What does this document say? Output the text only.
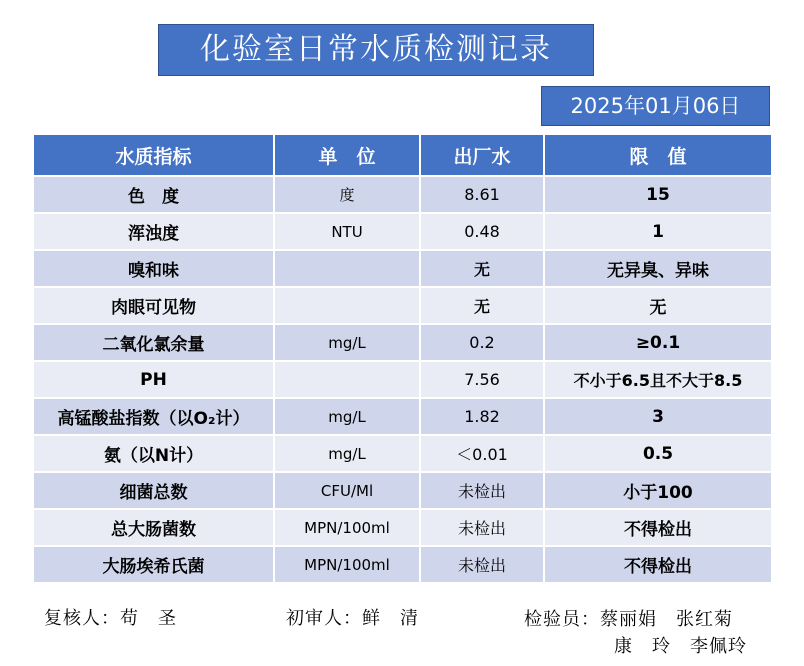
化验室日常水质检测记录
2025年01月06日
水质指标	单　位	出厂水	限　值
色　度	度	8.61	15
浑浊度	NTU	0.48	1
嗅和味		无	无异臭、异味
肉眼可见物		无	无
二氧化氯余量	mg/L	0.2	≥0.1
PH		7.56	不小于6.5且不大于8.5
高锰酸盐指数（以O₂计）	mg/L	1.82	3
氨（以N计）	mg/L	＜0.01	0.5
细菌总数	CFU/Ml	未检出	小于100
总大肠菌数	MPN/100ml	未检出	不得检出
大肠埃希氏菌	MPN/100ml	未检出	不得检出
复核人：苟　圣	初审人：鲜　清	检验员：蔡丽娟　张红菊
康　玲　李佩玲
